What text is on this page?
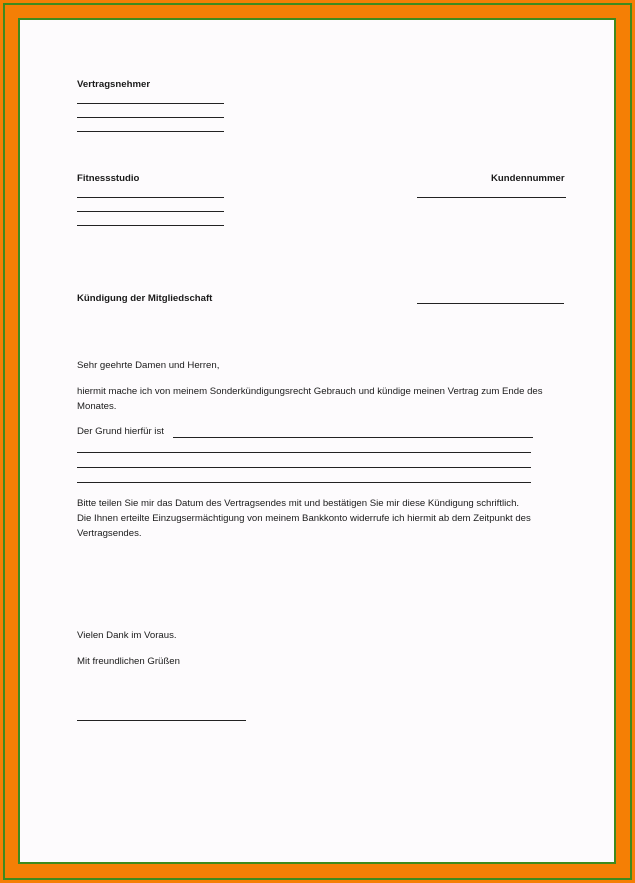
Vertragsnehmer
Fitnessstudio	Kundennummer
Kündigung der Mitgliedschaft
Sehr geehrte Damen und Herren,
hiermit mache ich von meinem Sonderkündigungsrecht Gebrauch und kündige meinen Vertrag zum Ende des Monates.
Der Grund hierfür ist
Bitte teilen Sie mir das Datum des Vertragsendes mit und bestätigen Sie mir diese Kündigung schriftlich.
Die Ihnen erteilte Einzugsermächtigung von meinem Bankkonto widerrufe ich hiermit ab dem Zeitpunkt des Vertragsendes.
Vielen Dank im Voraus.
Mit freundlichen Grüßen
